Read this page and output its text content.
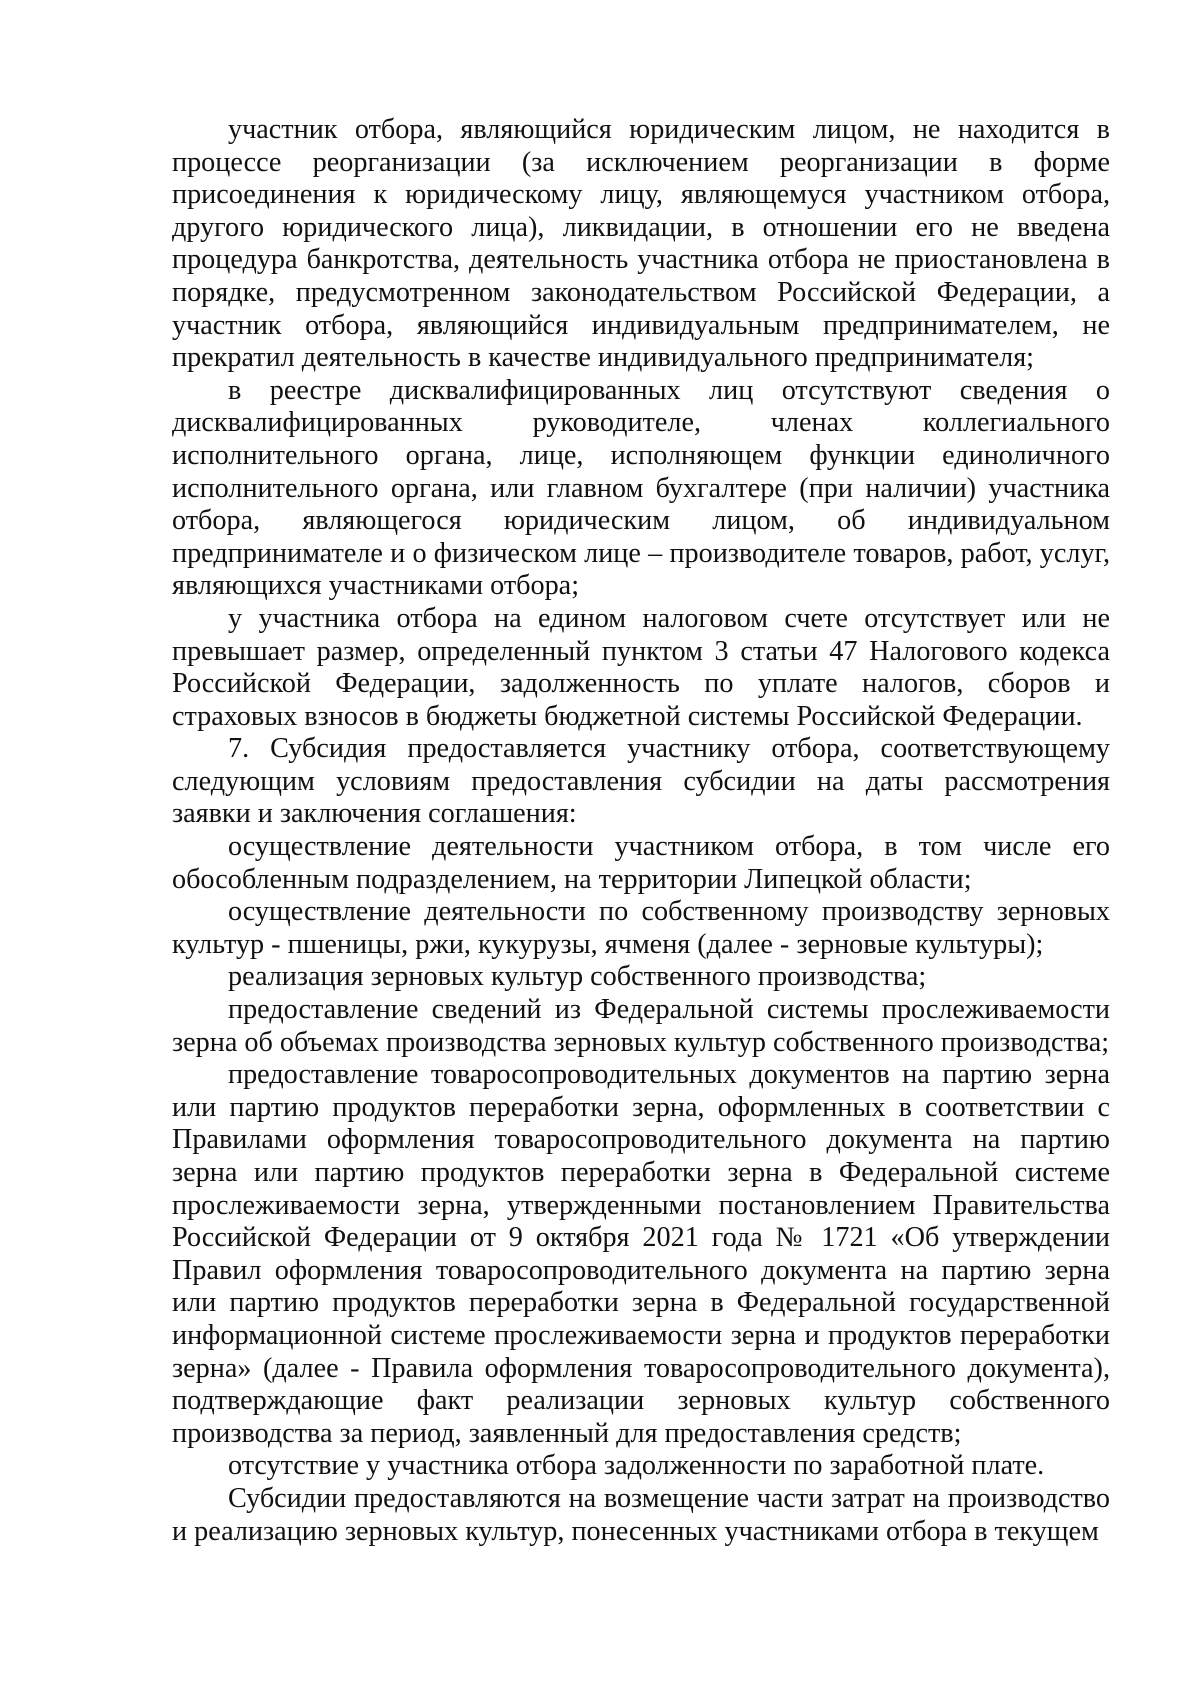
участник отбора, являющийся юридическим лицом, не находится в процессе реорганизации (за исключением реорганизации в форме присоединения к юридическому лицу, являющемуся участником отбора, другого юридического лица), ликвидации, в отношении его не введена процедура банкротства, деятельность участника отбора не приостановлена в порядке, предусмотренном законодательством Российской Федерации, а участник отбора, являющийся индивидуальным предпринимателем, не прекратил деятельность в качестве индивидуального предпринимателя;

в реестре дисквалифицированных лиц отсутствуют сведения о дисквалифицированных руководителе, членах коллегиального исполнительного органа, лице, исполняющем функции единоличного исполнительного органа, или главном бухгалтере (при наличии) участника отбора, являющегося юридическим лицом, об индивидуальном предпринимателе и о физическом лице – производителе товаров, работ, услуг, являющихся участниками отбора;

у участника отбора на едином налоговом счете отсутствует или не превышает размер, определенный пунктом 3 статьи 47 Налогового кодекса Российской Федерации, задолженность по уплате налогов, сборов и страховых взносов в бюджеты бюджетной системы Российской Федерации.

7. Субсидия предоставляется участнику отбора, соответствующему следующим условиям предоставления субсидии на даты рассмотрения заявки и заключения соглашения:

осуществление деятельности участником отбора, в том числе его обособленным подразделением, на территории Липецкой области;

осуществление деятельности по собственному производству зерновых культур - пшеницы, ржи, кукурузы, ячменя (далее - зерновые культуры);

реализация зерновых культур собственного производства;

предоставление сведений из Федеральной системы прослеживаемости зерна об объемах производства зерновых культур собственного производства;

предоставление товаросопроводительных документов на партию зерна или партию продуктов переработки зерна, оформленных в соответствии с Правилами оформления товаросопроводительного документа на партию зерна или партию продуктов переработки зерна в Федеральной системе прослеживаемости зерна, утвержденными постановлением Правительства Российской Федерации от 9 октября 2021 года № 1721 «Об утверждении Правил оформления товаросопроводительного документа на партию зерна или партию продуктов переработки зерна в Федеральной государственной информационной системе прослеживаемости зерна и продуктов переработки зерна» (далее - Правила оформления товаросопроводительного документа), подтверждающие факт реализации зерновых культур собственного производства за период, заявленный для предоставления средств;

отсутствие у участника отбора задолженности по заработной плате.

Субсидии предоставляются на возмещение части затрат на производство и реализацию зерновых культур, понесенных участниками отбора в текущем
